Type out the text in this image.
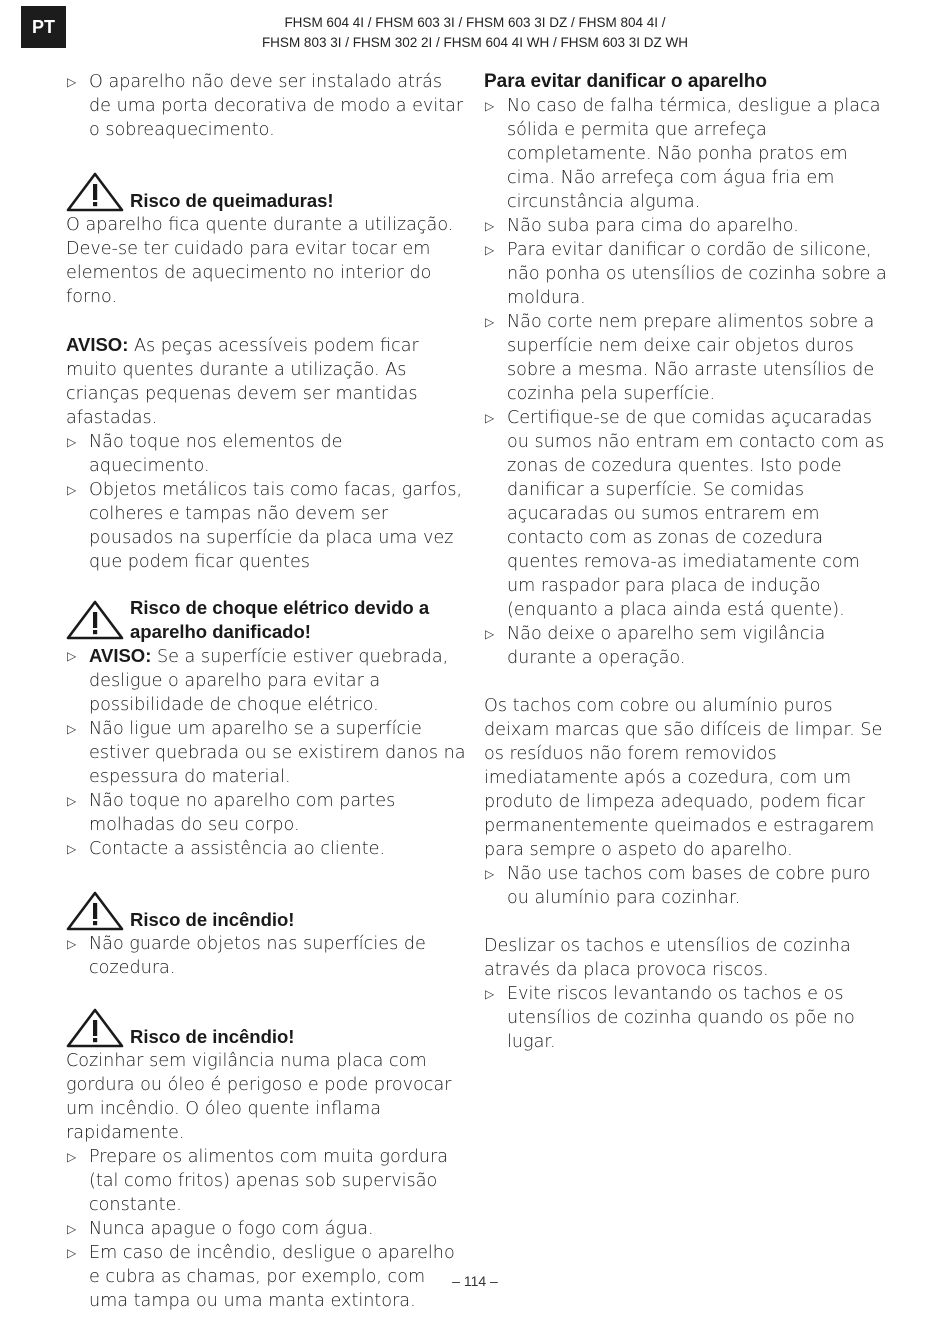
PT	FHSM 604 4I / FHSM 603 3I / FHSM 603 3I DZ / FHSM 804 4I /
FHSM 803 3I / FHSM 302 2I / FHSM 604 4I WH / FHSM 603 3I DZ WH
▷ O aparelho não deve ser instalado atrás de uma porta decorativa de modo a evitar o sobreaquecimento.
Risco de queimaduras!

O aparelho fica quente durante a utilização. Deve-se ter cuidado para evitar tocar em elementos de aquecimento no interior do forno.

AVISO: As peças acessíveis podem ficar muito quentes durante a utilização. As crianças pequenas devem ser mantidas afastadas.

▷ Não toque nos elementos de aquecimento.
▷ Objetos metálicos tais como facas, garfos, colheres e tampas não devem ser pousados na superfície da placa uma vez que podem ficar quentes
Risco de choque elétrico devido a aparelho danificado!
▷ AVISO: Se a superfície estiver quebrada, desligue o aparelho para evitar a possibilidade de choque elétrico.
▷ Não ligue um aparelho se a superfície estiver quebrada ou se existirem danos na espessura do material.
▷ Não toque no aparelho com partes molhadas do seu corpo.
▷ Contacte a assistência ao cliente.
Risco de incêndio!
▷ Não guarde objetos nas superfícies de cozedura.
Risco de incêndio!

Cozinhar sem vigilância numa placa com gordura ou óleo é perigoso e pode provocar um incêndio. O óleo quente inflama rapidamente.

▷ Prepare os alimentos com muita gordura (tal como fritos) apenas sob supervisão constante.
▷ Nunca apague o fogo com água.
▷ Em caso de incêndio, desligue o aparelho e cubra as chamas, por exemplo, com uma tampa ou uma manta extintora.

Para evitar danificar o aparelho

▷ No caso de falha térmica, desligue a placa sólida e permita que arrefeça completamente. Não ponha pratos em cima. Não arrefeça com água fria em circunstância alguma.
▷ Não suba para cima do aparelho.
▷ Para evitar danificar o cordão de silicone, não ponha os utensílios de cozinha sobre a moldura.
▷ Não corte nem prepare alimentos sobre a superfície nem deixe cair objetos duros sobre a mesma. Não arraste utensílios de cozinha pela superfície.
▷ Certifique-se de que comidas açucaradas ou sumos não entram em contacto com as zonas de cozedura quentes. Isto pode danificar a superfície. Se comidas açucaradas ou sumos entrarem em contacto com as zonas de cozedura quentes remova-as imediatamente com um raspador para placa de indução (enquanto a placa ainda está quente).
▷ Não deixe o aparelho sem vigilância durante a operação.

Os tachos com cobre ou alumínio puros deixam marcas que são difíceis de limpar. Se os resíduos não forem removidos imediatamente após a cozedura, com um produto de limpeza adequado, podem ficar permanentemente queimados e estragarem para sempre o aspeto do aparelho.

▷ Não use tachos com bases de cobre puro ou alumínio para cozinhar.

Deslizar os tachos e utensílios de cozinha através da placa provoca riscos.

▷ Evite riscos levantando os tachos e os utensílios de cozinha quando os põe no lugar.
– 114 –
